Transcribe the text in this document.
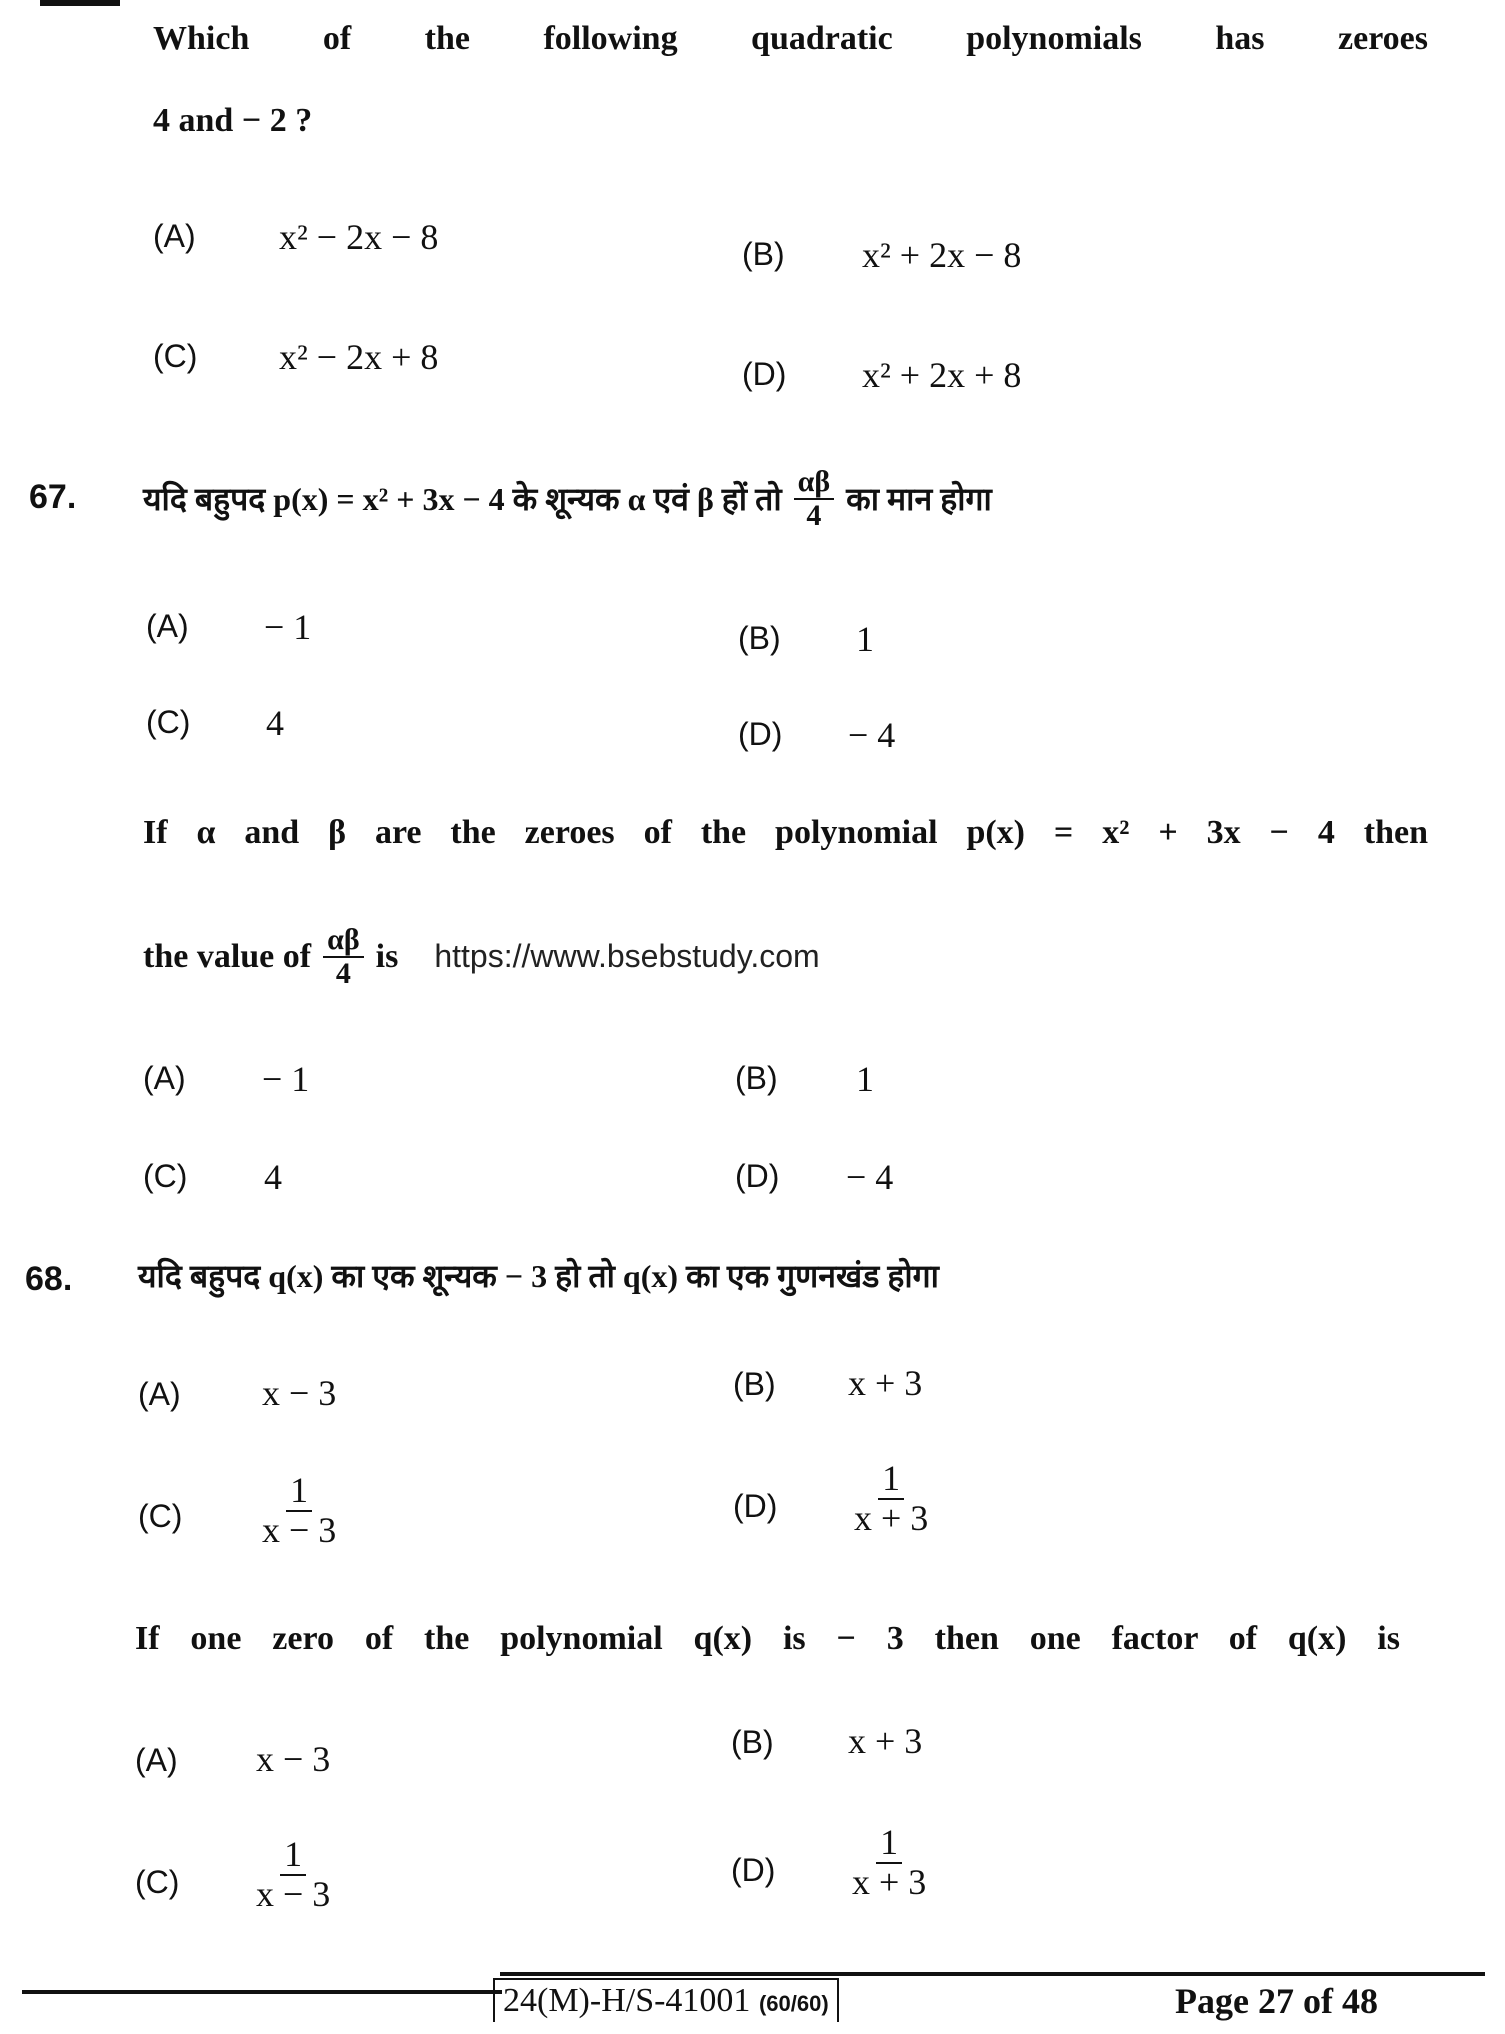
Which of the following quadratic polynomials has zeroes
4 and − 2 ?
(A) x² − 2x − 8	(B) x² + 2x − 8
(C) x² − 2x + 8	(D) x² + 2x + 8
67. यदि बहुपद p(x) = x² + 3x − 4 के शून्यक α एवं β हों तो $\frac{\alpha\beta}{4}$ का मान होगा
(A) − 1	(B) 1
(C) 4	(D) − 4
If α and β are the zeroes of the polynomial p(x) = x² + 3x − 4 then
the value of $\frac{\alpha\beta}{4}$ is https://www.bsebstudy.com
(A) − 1	(B) 1
(C) 4	(D) − 4
68. यदि बहुपद q(x) का एक शून्यक − 3 हो तो q(x) का एक गुणनखंड होगा
(A) x − 3	(B) x + 3
$(C) \frac{1}{x - 3}$	$(D) \frac{1}{x + 3}$
If one zero of the polynomial q(x) is − 3 then one factor of q(x) is
(A) x − 3	(B) x + 3
$(C) \frac{1}{x - 3}$	$(D) \frac{1}{x + 3}$
24(M)-H/S-41001 (60/60)	Page 27 of 48
